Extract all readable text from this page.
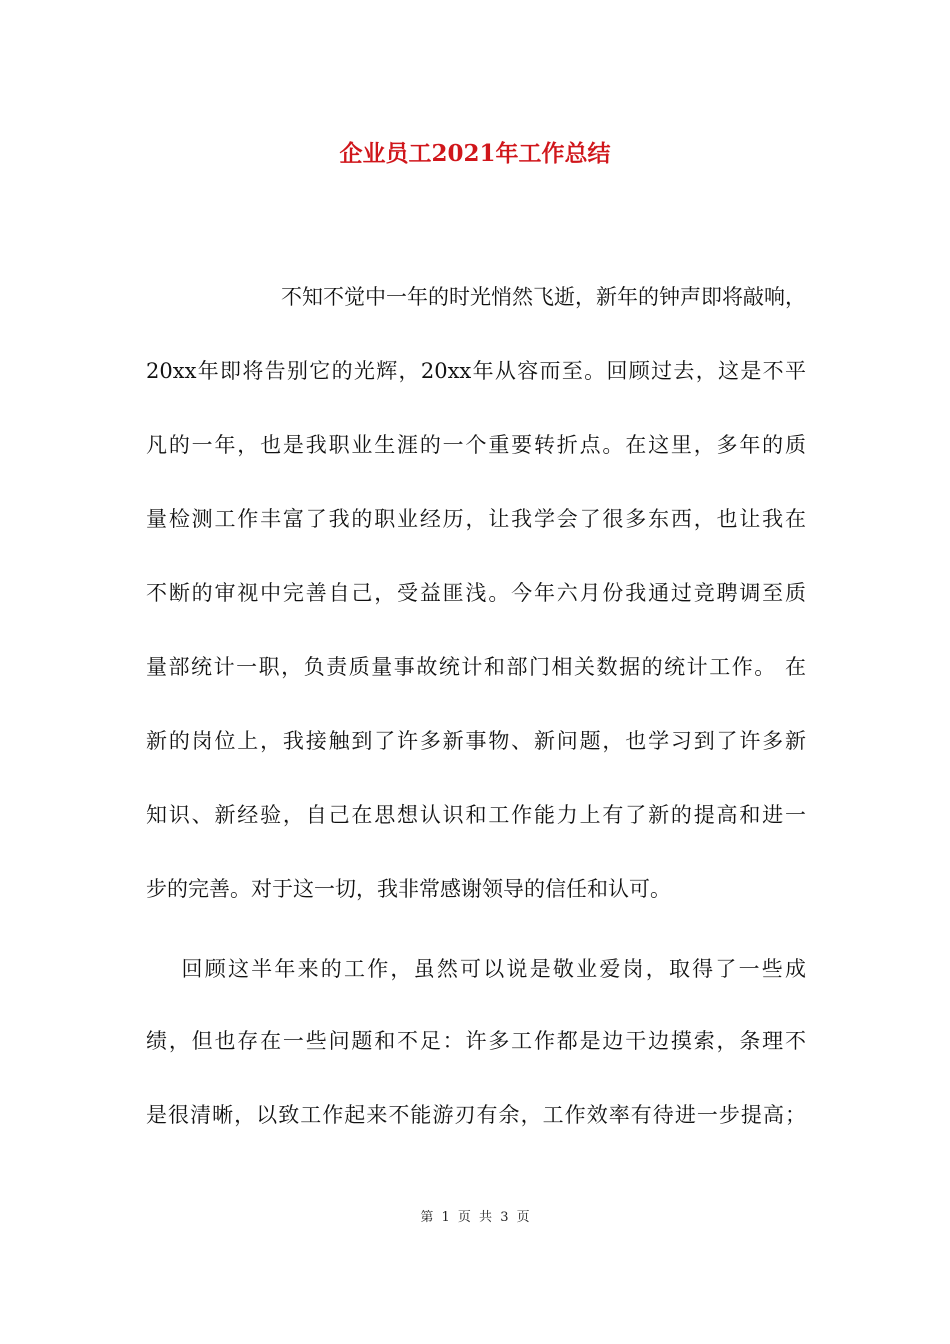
企业员工2021年工作总结
不知不觉中一年的时光悄然飞逝，新年的钟声即将敲响，
20xx年即将告别它的光辉，20xx年从容而至。回顾过去，这是不平
凡的一年，也是我职业生涯的一个重要转折点。在这里，多年的质
量检测工作丰富了我的职业经历，让我学会了很多东西，也让我在
不断的审视中完善自己，受益匪浅。今年六月份我通过竞聘调至质
量部统计一职，负责质量事故统计和部门相关数据的统计工作。 在
新的岗位上，我接触到了许多新事物、新问题，也学习到了许多新
知识、新经验，自己在思想认识和工作能力上有了新的提高和进一
步的完善。对于这一切，我非常感谢领导的信任和认可。
回顾这半年来的工作，虽然可以说是敬业爱岗，取得了一些成
绩，但也存在一些问题和不足：许多工作都是边干边摸索，条理不
是很清晰，以致工作起来不能游刃有余，工作效率有待进一步提高；
第 1 页 共 3 页
